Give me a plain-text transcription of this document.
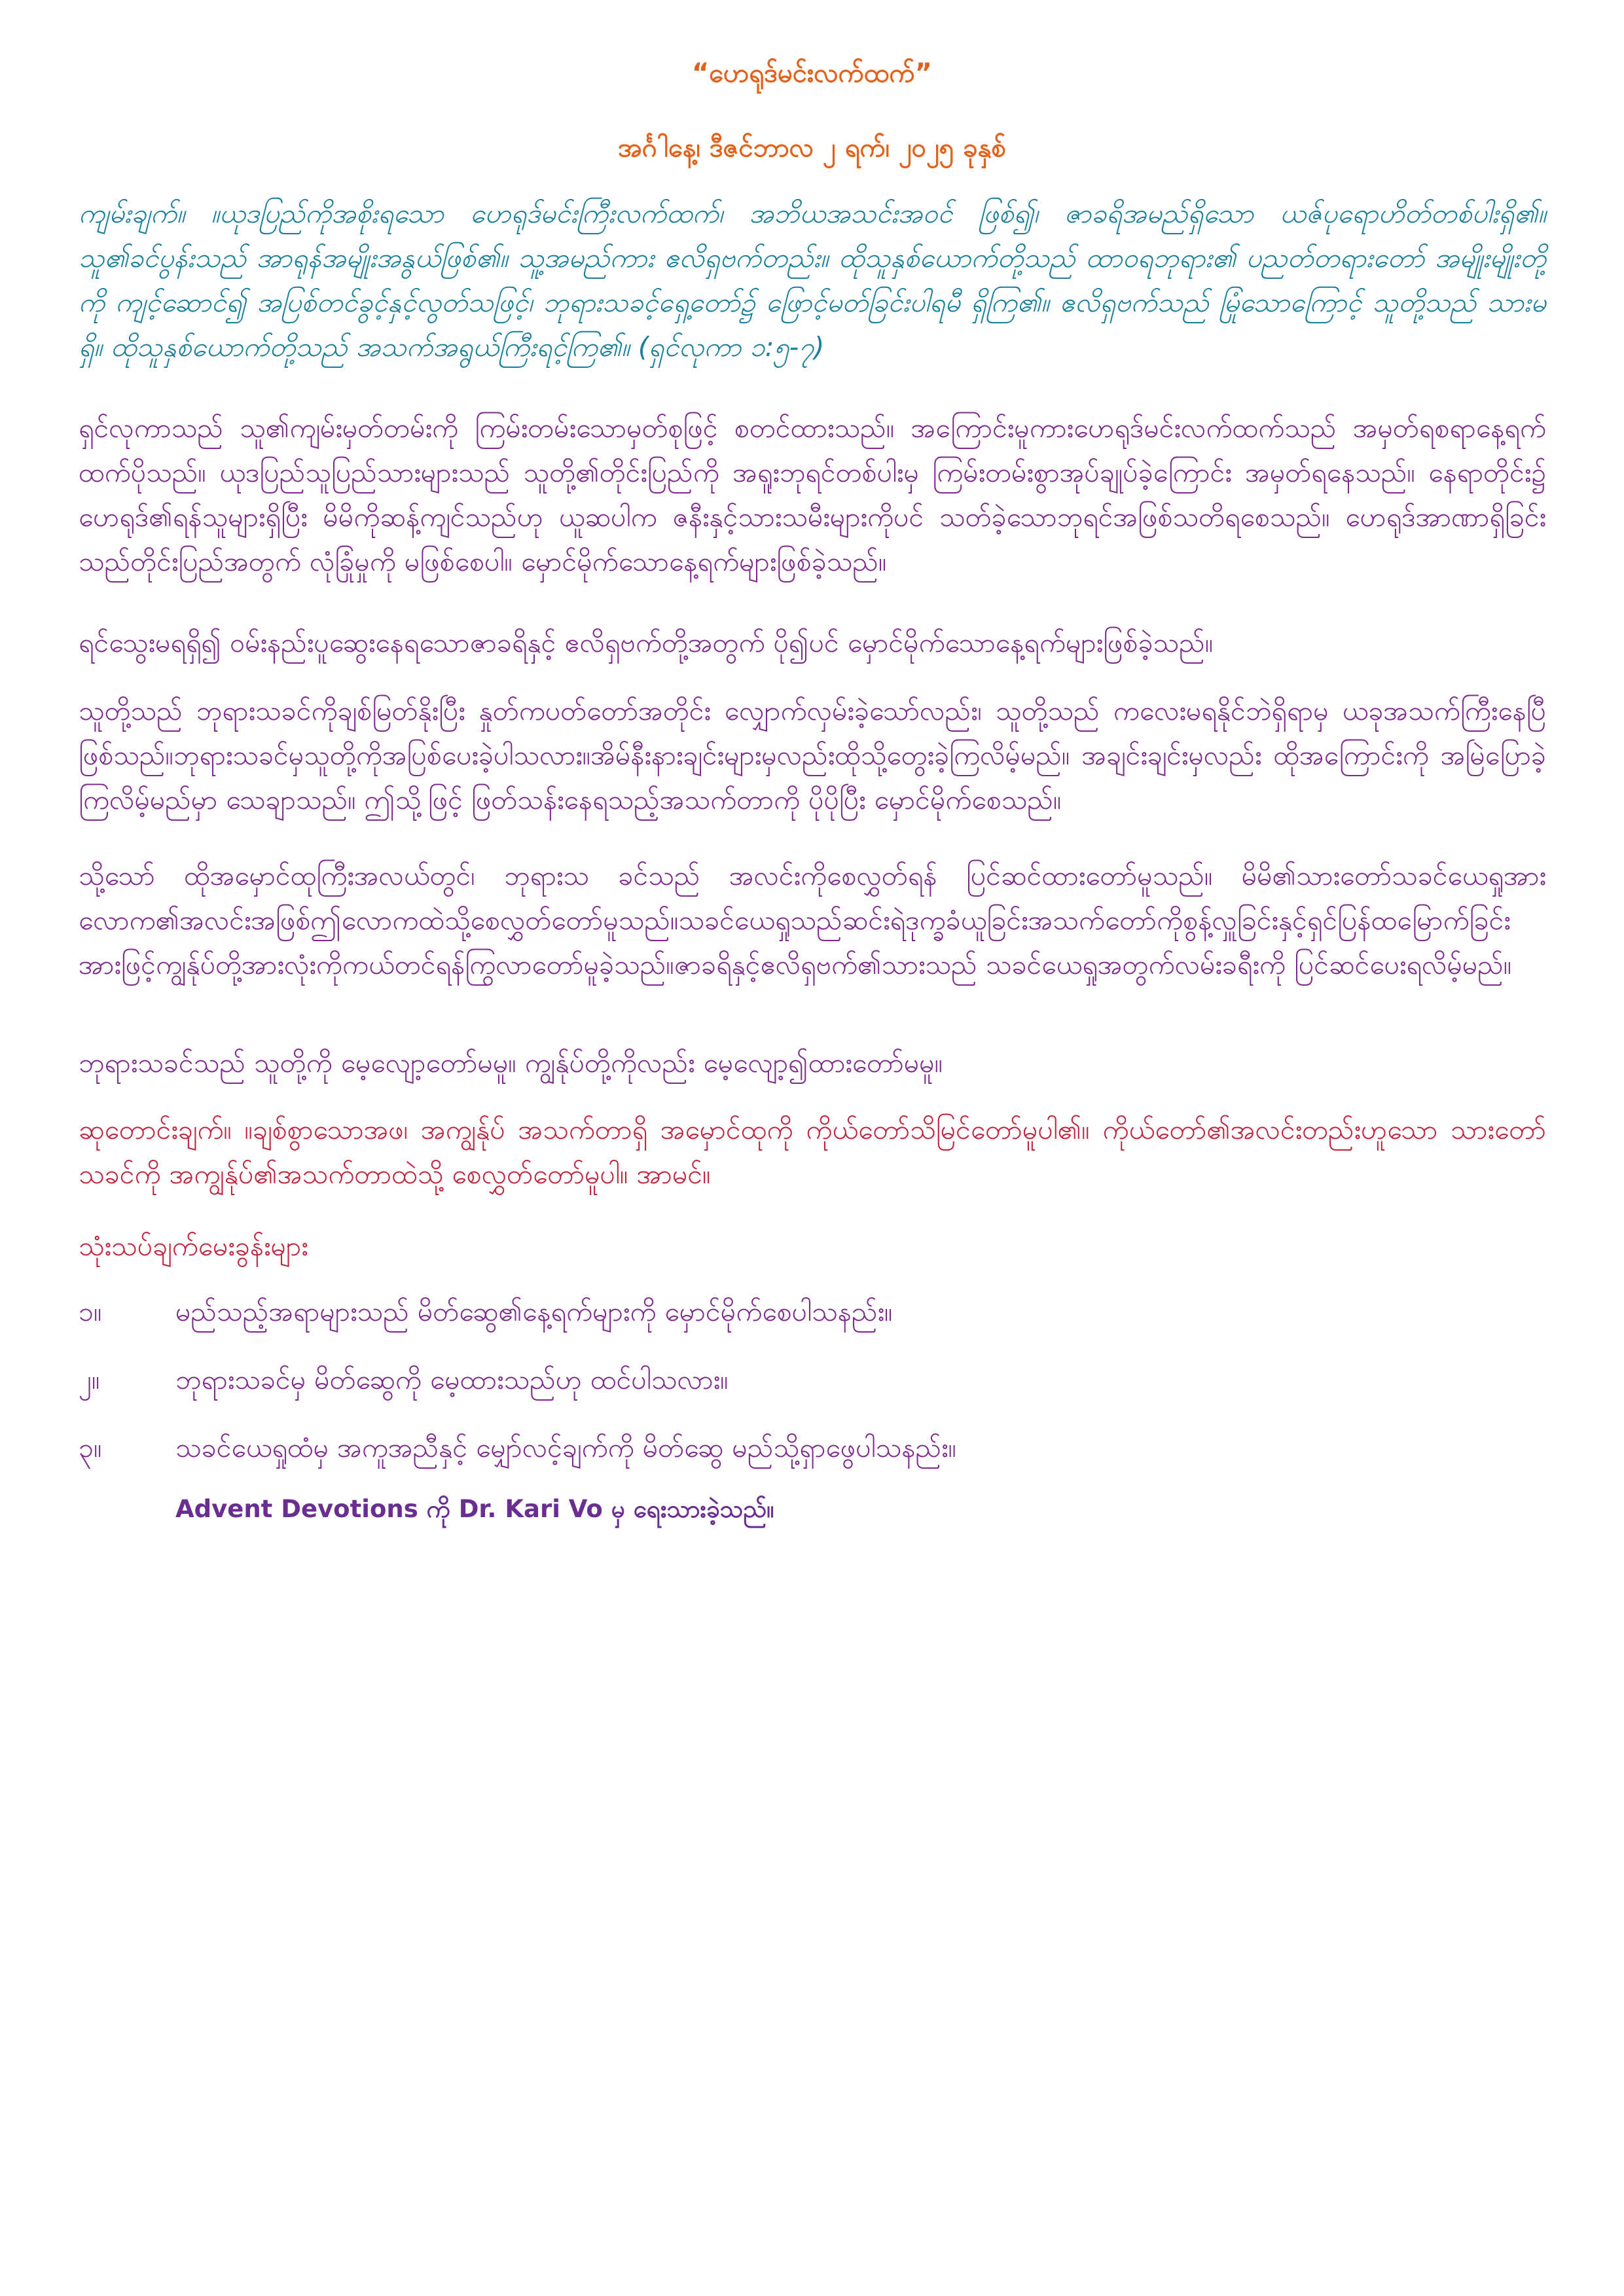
“ဟေရုဒ်မင်းလက်ထက်”
အင်္ဂါနေ့၊ ဒီဇင်ဘာလ ၂ ရက်၊ ၂၀၂၅ ခုနှစ်

ကျမ်းချက်။ ။ယုဒပြည်ကိုအစိုးရသော ဟေရုဒ်မင်းကြီးလက်ထက်၊ အဘိယအသင်းအဝင် ဖြစ်၍၊ ဇာခရိအမည်ရှိသော ယဇ်ပုရောဟိတ်တစ်ပါးရှိ၏။ သူ၏ခင်ပွန်းသည် အာရုန်အမျိုးအနွယ်ဖြစ်၏။ သူ့အမည်ကား ဧလိရှဗက်တည်း။ ထိုသူနှစ်ယောက်တို့သည် ထာဝရဘုရား၏ ပညတ်တရားတော် အမျိုးမျိုးတို့ကို ကျင့်ဆောင်၍ အပြစ်တင်ခွင့်နှင့်လွတ်သဖြင့်၊ ဘုရားသခင့်ရှေ့တော်၌ ဖြောင့်မတ်ခြင်းပါရမီ ရှိကြ၏။ ဧလိရှဗက်သည် မြုံသောကြောင့် သူတို့သည် သားမရှိ။ ထိုသူနှစ်ယောက်တို့သည် အသက်အရွယ်ကြီးရင့်ကြ၏။ (ရှင်လုကာ ၁:၅-၇)

ရှင်လုကာသည် သူ၏ကျမ်းမှတ်တမ်းကို ကြမ်းတမ်းသောမှတ်စုဖြင့် စတင်ထားသည်။ အကြောင်းမူကားဟေရုဒ်မင်းလက်ထက်သည် အမှတ်ရစရာနေ့ရက်ထက်ပိုသည်။ ယုဒပြည်သူပြည်သားများသည် သူတို့၏တိုင်းပြည်ကို အရူးဘုရင်တစ်ပါးမှ ကြမ်းတမ်းစွာအုပ်ချုပ်ခဲ့ကြောင်း အမှတ်ရနေသည်။ နေရာတိုင်း၌ ဟေရုဒ်၏ရန်သူများရှိပြီး မိမိကိုဆန့်ကျင်သည်ဟု ယူဆပါက ဇနီးနှင့်သားသမီးများကိုပင် သတ်ခဲ့သောဘုရင်အဖြစ်သတိရစေသည်။ ဟေရုဒ်အာဏာရှိခြင်းသည်တိုင်းပြည်အတွက် လုံခြုံမှုကို မဖြစ်စေပါ။ မှောင်မိုက်သောနေ့ရက်များဖြစ်ခဲ့သည်။

ရင်သွေးမရရှိ၍ ဝမ်းနည်းပူဆွေးနေရသောဇာခရိနှင့် ဧလိရှဗက်တို့အတွက် ပို၍ပင် မှောင်မိုက်သောနေ့ရက်များဖြစ်ခဲ့သည်။

သူတို့သည် ဘုရားသခင်ကိုချစ်မြတ်နိုးပြီး နှုတ်ကပတ်တော်အတိုင်း လျှောက်လှမ်းခဲ့သော်လည်း၊ သူတို့သည် ကလေးမရနိုင်ဘဲရှိရာမှ ယခုအသက်ကြီးနေပြီဖြစ်သည်။ဘုရားသခင်မှသူတို့ကိုအပြစ်ပေးခဲ့ပါသလား။အိမ်နီးနားချင်းများမှလည်းထိုသို့တွေးခဲ့ကြလိမ့်မည်။ အချင်းချင်းမှလည်း ထိုအကြောင်းကို အမြဲပြောခဲ့ကြလိမ့်မည်မှာ သေချာသည်။ ဤသို့ဖြင့် ဖြတ်သန်းနေရသည့်အသက်တာကို ပိုပိုပြီး မှောင်မိုက်စေသည်။

သို့သော် ထိုအမှောင်ထုကြီးအလယ်တွင်၊ ဘုရားသ ခင်သည် အလင်းကိုစေလွှတ်ရန် ပြင်ဆင်ထားတော်မူသည်။ မိမိ၏သားတော်သခင်ယေရှုအား လောက၏အလင်းအဖြစ်ဤလောကထဲသို့စေလွှတ်တော်မူသည်။သခင်ယေရှုသည်ဆင်းရဲဒုက္ခခံယူခြင်းအသက်တော်ကိုစွန့်လှူခြင်းနှင့်ရှင်ပြန်ထမြောက်ခြင်းအားဖြင့်ကျွန်ုပ်တို့အားလုံးကိုကယ်တင်ရန်ကြွလာတော်မူခဲ့သည်။ဇာခရိနှင့်ဧလိရှဗက်၏သားသည် သခင်ယေရှုအတွက်လမ်းခရီးကို ပြင်ဆင်ပေးရလိမ့်မည်။

ဘုရားသခင်သည် သူတို့ကို မေ့လျော့တော်မမူ။ ကျွန်ုပ်တို့ကိုလည်း မေ့လျော့၍ထားတော်မမူ။

ဆုတောင်းချက်။ ။ချစ်စွာသောအဖ၊ အကျွန်ုပ် အသက်တာရှိ အမှောင်ထုကို ကိုယ်တော်သိမြင်တော်မူပါ၏။ ကိုယ်တော်၏အလင်းတည်းဟူသော သားတော်သခင်ကို အကျွန်ုပ်၏အသက်တာထဲသို့ စေလွှတ်တော်မူပါ။ အာမင်။

သုံးသပ်ချက်မေးခွန်းများ

၁။	မည်သည့်အရာများသည် မိတ်ဆွေ၏နေ့ရက်များကို မှောင်မိုက်စေပါသနည်း။
၂။	ဘုရားသခင်မှ မိတ်ဆွေကို မေ့ထားသည်ဟု ထင်ပါသလား။
၃။	သခင်ယေရှုထံမှ အကူအညီနှင့် မျှော်လင့်ချက်ကို မိတ်ဆွေ မည်သို့ရှာဖွေပါသနည်း။
Advent Devotions ကို Dr. Kari Vo မှ ရေးသားခဲ့သည်။
